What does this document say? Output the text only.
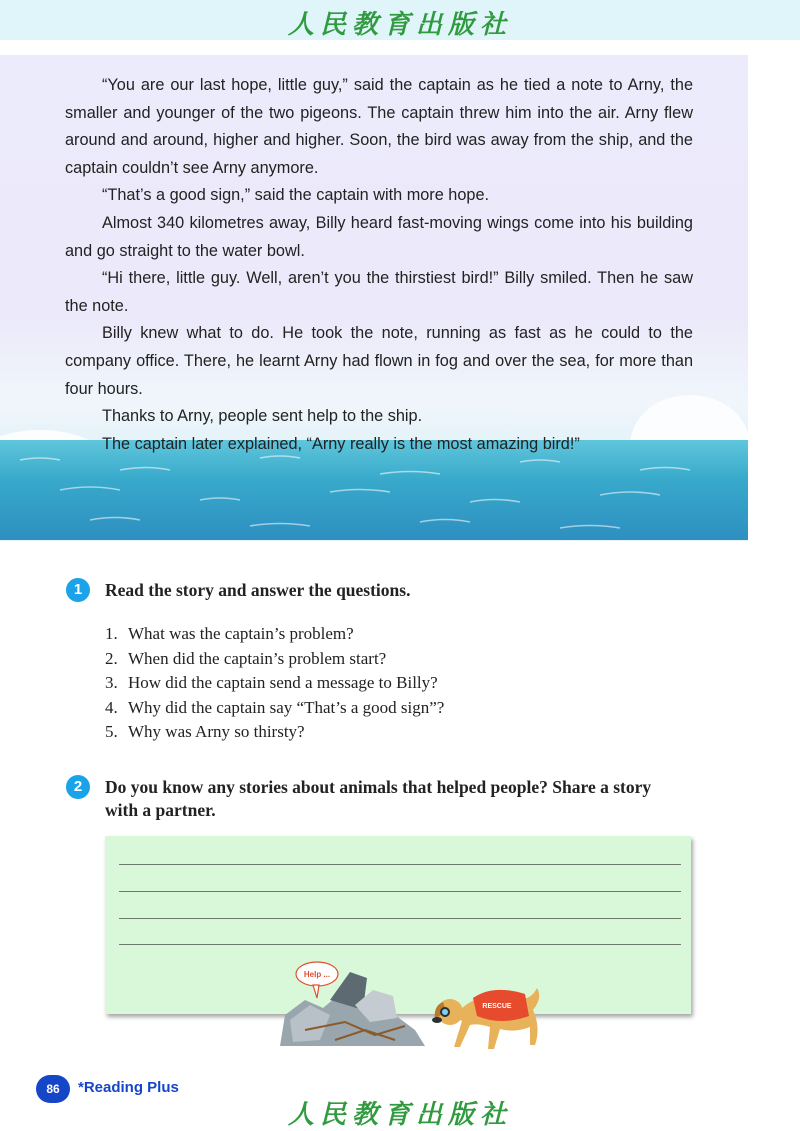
人民教育出版社

“You are our last hope, little guy,” said the captain as he tied a note to Arny, the smaller and younger of the two pigeons. The captain threw him into the air. Arny flew around and around, higher and higher. Soon, the bird was away from the ship, and the captain couldn’t see Arny anymore.

“That’s a good sign,” said the captain with more hope.

Almost 340 kilometres away, Billy heard fast-moving wings come into his building and go straight to the water bowl.

“Hi there, little guy. Well, aren’t you the thirstiest bird!” Billy smiled. Then he saw the note.

Billy knew what to do. He took the note, running as fast as he could to the company office. There, he learnt Arny had flown in fog and over the sea, for more than four hours.

Thanks to Arny, people sent help to the ship.

The captain later explained, “Arny really is the most amazing bird!”

1	Read the story and answer the questions.
1. What was the captain’s problem?
2. When did the captain’s problem start?
3. How did the captain send a message to Billy?
4. Why did the captain say “That’s a good sign”?
5. Why was Arny so thirsty?
2	Do you know any stories about animals that helped people? Share a story
with a partner.
Help ...
RESCUE
86	*Reading Plus
人民教育出版社
